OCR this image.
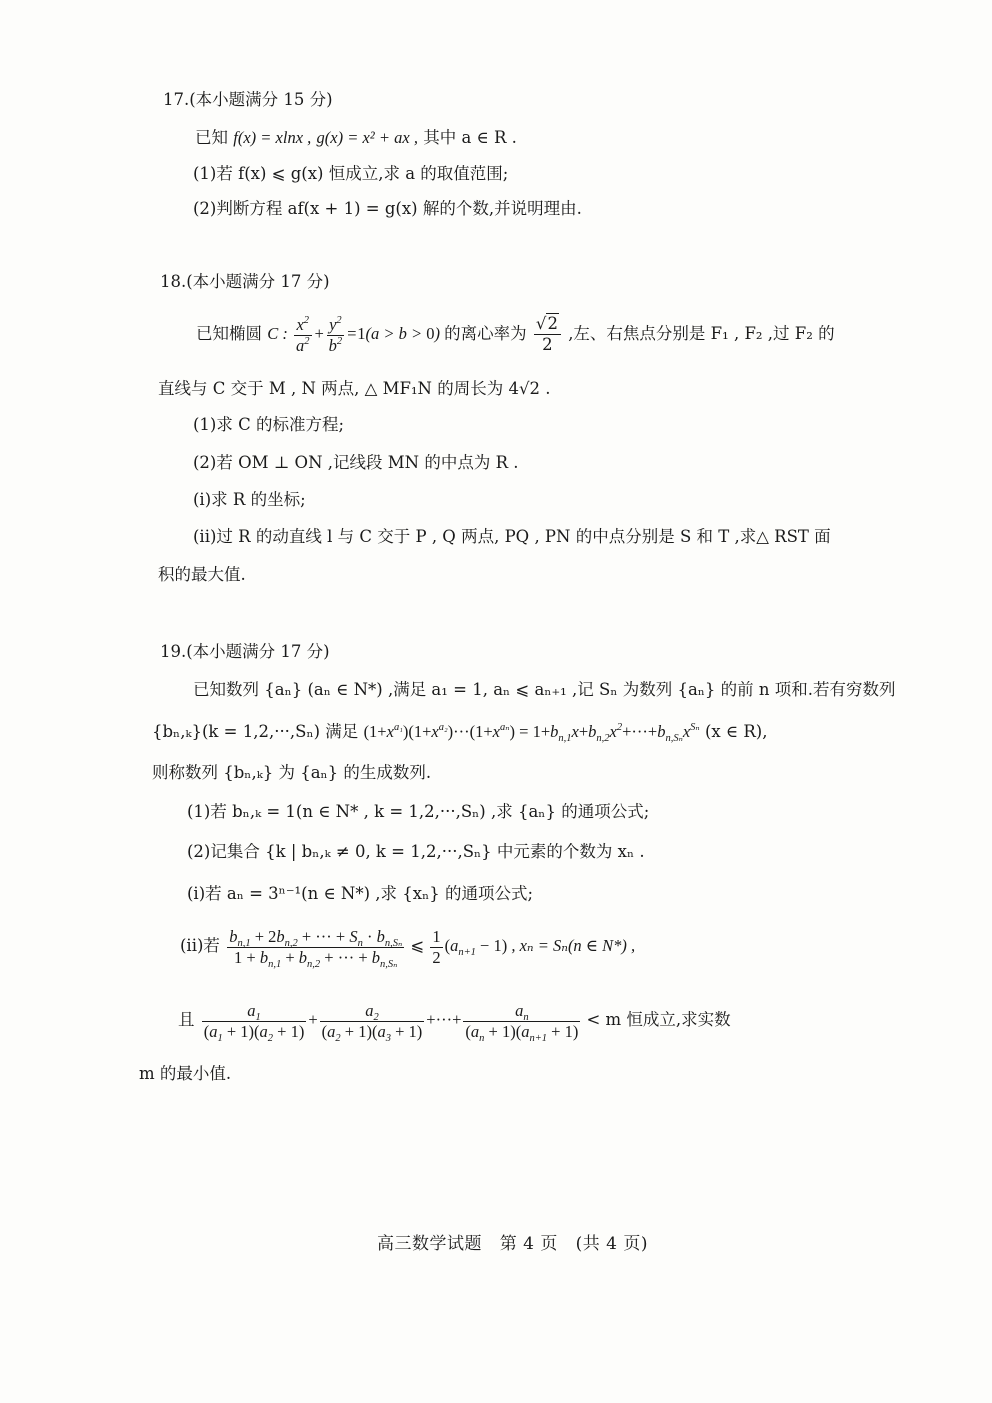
17.(本小题满分 15 分)
已知 f(x) = xlnx , g(x) = x² + ax , 其中 a ∈ R .
(1)若 f(x) ⩽ g(x) 恒成立,求 a 的取值范围;
(2)判断方程 af(x + 1) = g(x) 解的个数,并说明理由.
18.(本小题满分 17 分)
已知椭圆 C : $\frac{x^2}{a^2} + \frac{y^2}{b^2} =1(a > b > 0)$ 的离心率为 $\frac{√2}{2}$ ,左、右焦点分别是 F₁ , F₂ ,过 F₂ 的
直线与 C 交于 M , N 两点, △ MF₁N 的周长为 4√2 .
(1)求 C 的标准方程;
(2)若 OM ⊥ ON ,记线段 MN 的中点为 R .
(i)求 R 的坐标;
(ii)过 R 的动直线 l 与 C 交于 P , Q 两点, PQ , PN 的中点分别是 S 和 T ,求△ RST 面
积的最大值.
19.(本小题满分 17 分)
已知数列 {aₙ} (aₙ ∈ N*) ,满足 a₁ = 1, aₙ ⩽ aₙ₊₁ ,记 Sₙ 为数列 {aₙ} 的前 n 项和.若有穷数列
{bₙ,ₖ}(k = 1,2,···,Sₙ) 满足 $(1+x^{a_1})(1+x^{a_2})\cdot\cdot\cdot(1+x^{a_n}) = 1+b_{n,1}x+b_{n,2}x^2+\cdot\cdot\cdot+b_{n,S_n}x^{S_n}$ (x ∈ R),
则称数列 {bₙ,ₖ} 为 {aₙ} 的生成数列.
(1)若 bₙ,ₖ = 1(n ∈ N* , k = 1,2,···,Sₙ) ,求 {aₙ} 的通项公式;
(2)记集合 {k | bₙ,ₖ ≠ 0, k = 1,2,···,Sₙ} 中元素的个数为 xₙ .
(i)若 aₙ = 3ⁿ⁻¹(n ∈ N*) ,求 {xₙ} 的通项公式;
(ii)若 $\frac{b_{n,1} + 2b_{n,2} + \cdot\cdot\cdot + S_n \cdot b_{n,S_n}}{1 + b_{n,1} + b_{n,2} + \cdot\cdot\cdot + b_{n,S_n}}$ ⩽ $\frac{1}{2} (a_{n+1} - 1)$ , xₙ = Sₙ(n ∈ N*) ,
且 $\frac{a_1}{(a_1 + 1)(a_2 + 1)} + \frac{a_2}{(a_2 + 1)(a_3 + 1)}$ +···+ $\frac{a_n}{(a_n + 1)(a_{n+1} + 1)} < m$ 恒成立,求实数
m 的最小值.
高三数学试题 第 4 页 (共 4 页)
